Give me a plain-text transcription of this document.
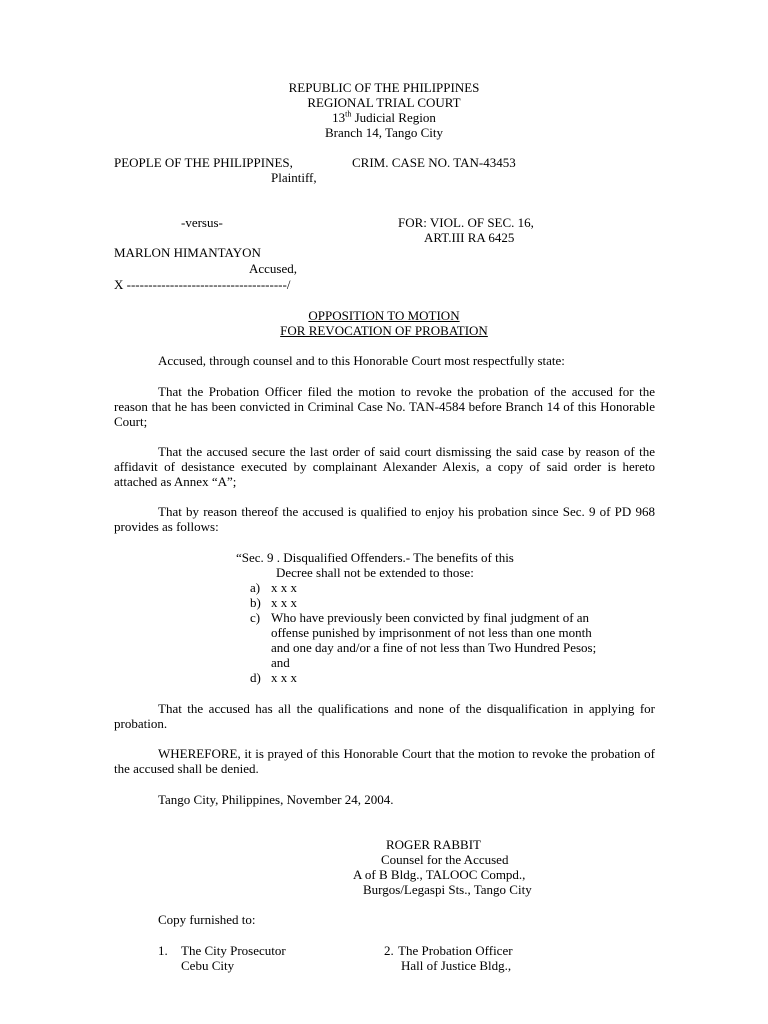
REPUBLIC OF THE PHILIPPINES
REGIONAL TRIAL COURT
13th Judicial Region
Branch 14, Tango City
PEOPLE OF THE PHILIPPINES,	CRIM. CASE NO. TAN-43453
Plaintiff,
-versus-	FOR: VIOL. OF SEC. 16,
ART.III RA 6425
MARLON HIMANTAYON
Accused,
X -------------------------------------/
OPPOSITION TO MOTION
FOR REVOCATION OF PROBATION
Accused, through counsel and to this Honorable Court most respectfully state:
That the Probation Officer filed the motion to revoke the probation of the accused for the reason that he has been convicted in Criminal Case No. TAN-4584 before Branch 14 of this Honorable Court;
That the accused secure the last order of said court dismissing the said case by reason of the affidavit of desistance executed by complainant Alexander Alexis, a copy of said order is hereto attached as Annex “A”;
That by reason thereof the accused is qualified to enjoy his probation since Sec. 9 of PD 968 provides as follows:
“Sec. 9 . Disqualified Offenders.- The benefits of this
Decree shall not be extended to those:
a) x x x
b) x x x
c) Who have previously been convicted by final judgment of an
offense punished by imprisonment of not less than one month
and one day and/or a fine of not less than Two Hundred Pesos;
and
d) x x x
That the accused has all the qualifications and none of the disqualification in applying for probation.
WHEREFORE, it is prayed of this Honorable Court that the motion to revoke the probation of the accused shall be denied.
Tango City, Philippines, November 24, 2004.
ROGER RABBIT
Counsel for the Accused
A of B Bldg., TALOOC Compd.,
Burgos/Legaspi Sts., Tango City
Copy furnished to:
1. The City Prosecutor
Cebu City
2. The Probation Officer
Hall of Justice Bldg.,
